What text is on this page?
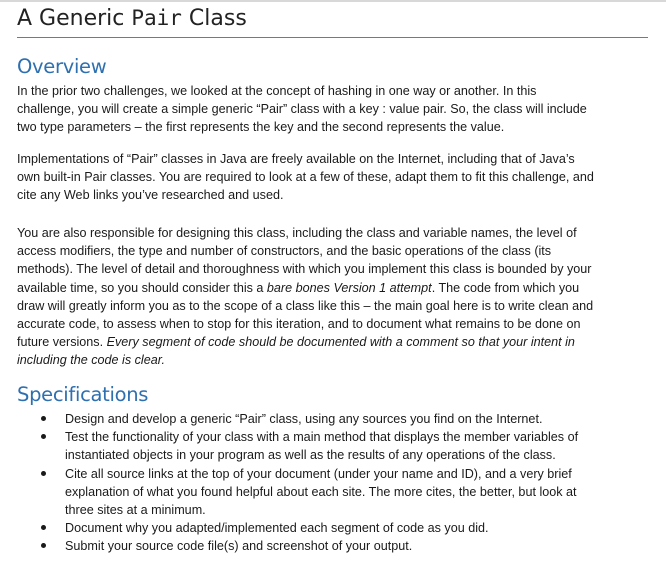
A Generic Pair Class
Overview

In the prior two challenges, we looked at the concept of hashing in one way or another. In this
challenge, you will create a simple generic “Pair” class with a key : value pair. So, the class will include
two type parameters – the first represents the key and the second represents the value.

Implementations of “Pair” classes in Java are freely available on the Internet, including that of Java’s
own built-in Pair classes. You are required to look at a few of these, adapt them to fit this challenge, and
cite any Web links you’ve researched and used.

You are also responsible for designing this class, including the class and variable names, the level of
access modifiers, the type and number of constructors, and the basic operations of the class (its
methods). The level of detail and thoroughness with which you implement this class is bounded by your
available time, so you should consider this a bare bones Version 1 attempt. The code from which you
draw will greatly inform you as to the scope of a class like this – the main goal here is to write clean and
accurate code, to assess when to stop for this iteration, and to document what remains to be done on
future versions. Every segment of code should be documented with a comment so that your intent in
including the code is clear.

Specifications
Design and develop a generic “Pair” class, using any sources you find on the Internet.
Test the functionality of your class with a main method that displays the member variables of
instantiated objects in your program as well as the results of any operations of the class.
Cite all source links at the top of your document (under your name and ID), and a very brief
explanation of what you found helpful about each site. The more cites, the better, but look at
three sites at a minimum.
Document why you adapted/implemented each segment of code as you did.
Submit your source code file(s) and screenshot of your output.
